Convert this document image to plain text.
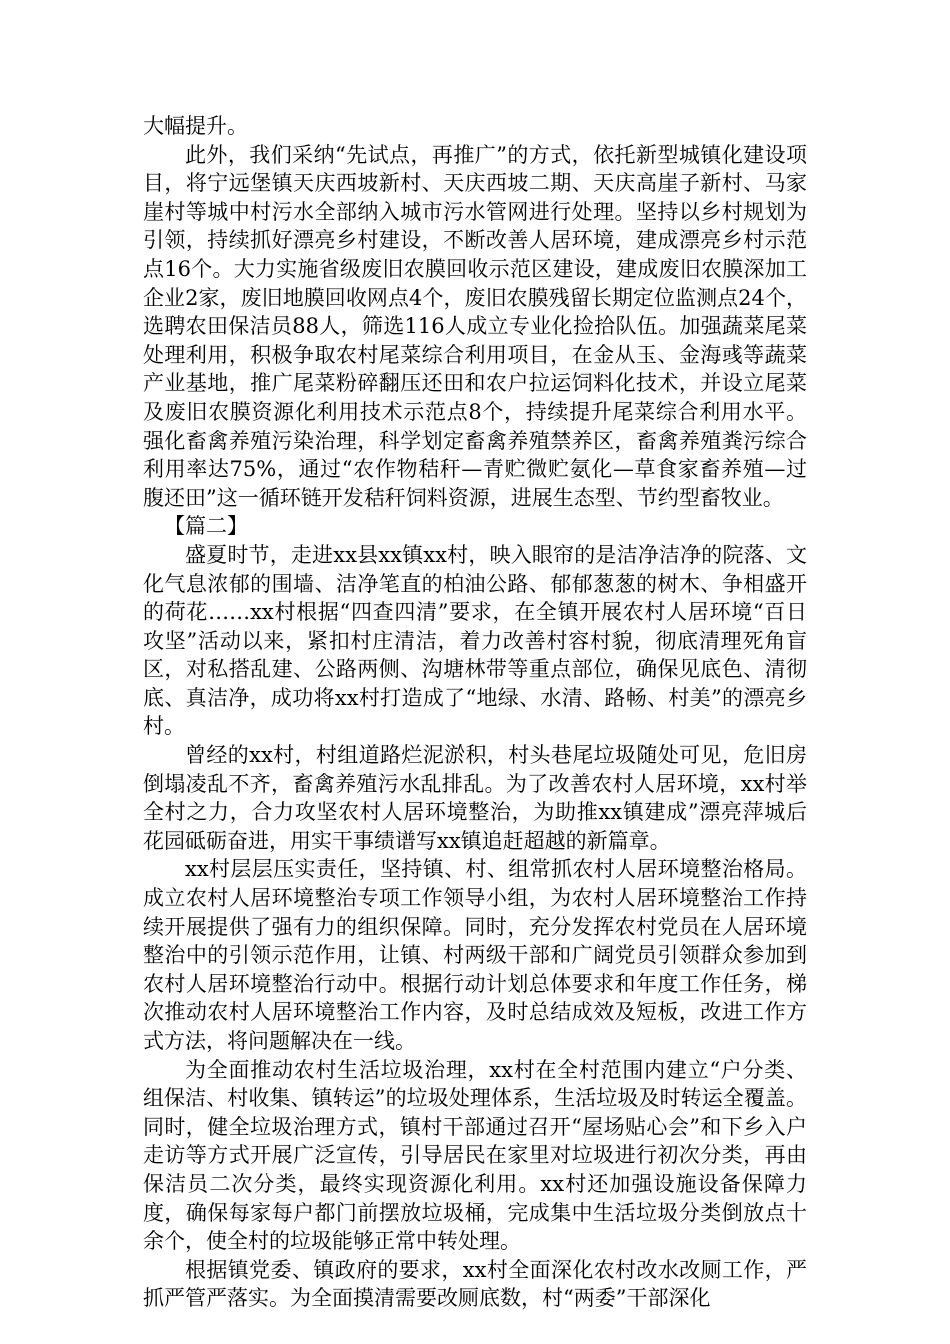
大幅提升。

此外，我们采纳“先试点，再推广”的方式，依托新型城镇化建设项目，将宁远堡镇天庆西坡新村、天庆西坡二期、天庆高崖子新村、马家崖村等城中村污水全部纳入城市污水管网进行处理。坚持以乡村规划为引领，持续抓好漂亮乡村建设，不断改善人居环境，建成漂亮乡村示范点16个。大力实施省级废旧农膜回收示范区建设，建成废旧农膜深加工企业2家，废旧地膜回收网点4个，废旧农膜残留长期定位监测点24个，选聘农田保洁员88人，筛选116人成立专业化捡拾队伍。加强蔬菜尾菜处理利用，积极争取农村尾菜综合利用项目，在金从玉、金海彧等蔬菜产业基地，推广尾菜粉碎翻压还田和农户拉运饲料化技术，并设立尾菜及废旧农膜资源化利用技术示范点8个，持续提升尾菜综合利用水平。强化畜禽养殖污染治理，科学划定畜禽养殖禁养区，畜禽养殖粪污综合利用率达75%，通过“农作物秸秆—青贮微贮氨化—草食家畜养殖—过腹还田”这一循环链开发秸秆饲料资源，进展生态型、节约型畜牧业。

【篇二】

盛夏时节，走进xx县xx镇xx村，映入眼帘的是洁净洁净的院落、文化气息浓郁的围墙、洁净笔直的柏油公路、郁郁葱葱的树木、争相盛开的荷花……xx村根据“四查四清”要求，在全镇开展农村人居环境“百日攻坚”活动以来，紧扣村庄清洁，着力改善村容村貌，彻底清理死角盲区，对私搭乱建、公路两侧、沟塘林带等重点部位，确保见底色、清彻底、真洁净，成功将xx村打造成了“地绿、水清、路畅、村美”的漂亮乡村。

曾经的xx村，村组道路烂泥淤积，村头巷尾垃圾随处可见，危旧房倒塌凌乱不齐，畜禽养殖污水乱排乱。为了改善农村人居环境，xx村举全村之力，合力攻坚农村人居环境整治，为助推xx镇建成”漂亮萍城后花园砥砺奋进，用实干事绩谱写xx镇追赶超越的新篇章。

xx村层层压实责任，坚持镇、村、组常抓农村人居环境整治格局。成立农村人居环境整治专项工作领导小组，为农村人居环境整治工作持续开展提供了强有力的组织保障。同时，充分发挥农村党员在人居环境整治中的引领示范作用，让镇、村两级干部和广阔党员引领群众参加到农村人居环境整治行动中。根据行动计划总体要求和年度工作任务，梯次推动农村人居环境整治工作内容，及时总结成效及短板，改进工作方式方法，将问题解决在一线。

为全面推动农村生活垃圾治理，xx村在全村范围内建立“户分类、组保洁、村收集、镇转运”的垃圾处理体系，生活垃圾及时转运全覆盖。同时，健全垃圾治理方式，镇村干部通过召开“屋场贴心会”和下乡入户走访等方式开展广泛宣传，引导居民在家里对垃圾进行初次分类，再由保洁员二次分类，最终实现资源化利用。xx村还加强设施设备保障力度，确保每家每户都门前摆放垃圾桶，完成集中生活垃圾分类倒放点十余个，使全村的垃圾能够正常中转处理。

根据镇党委、镇政府的要求，xx村全面深化农村改水改厕工作，严抓严管严落实。为全面摸清需要改厕底数，村“两委”干部深化
